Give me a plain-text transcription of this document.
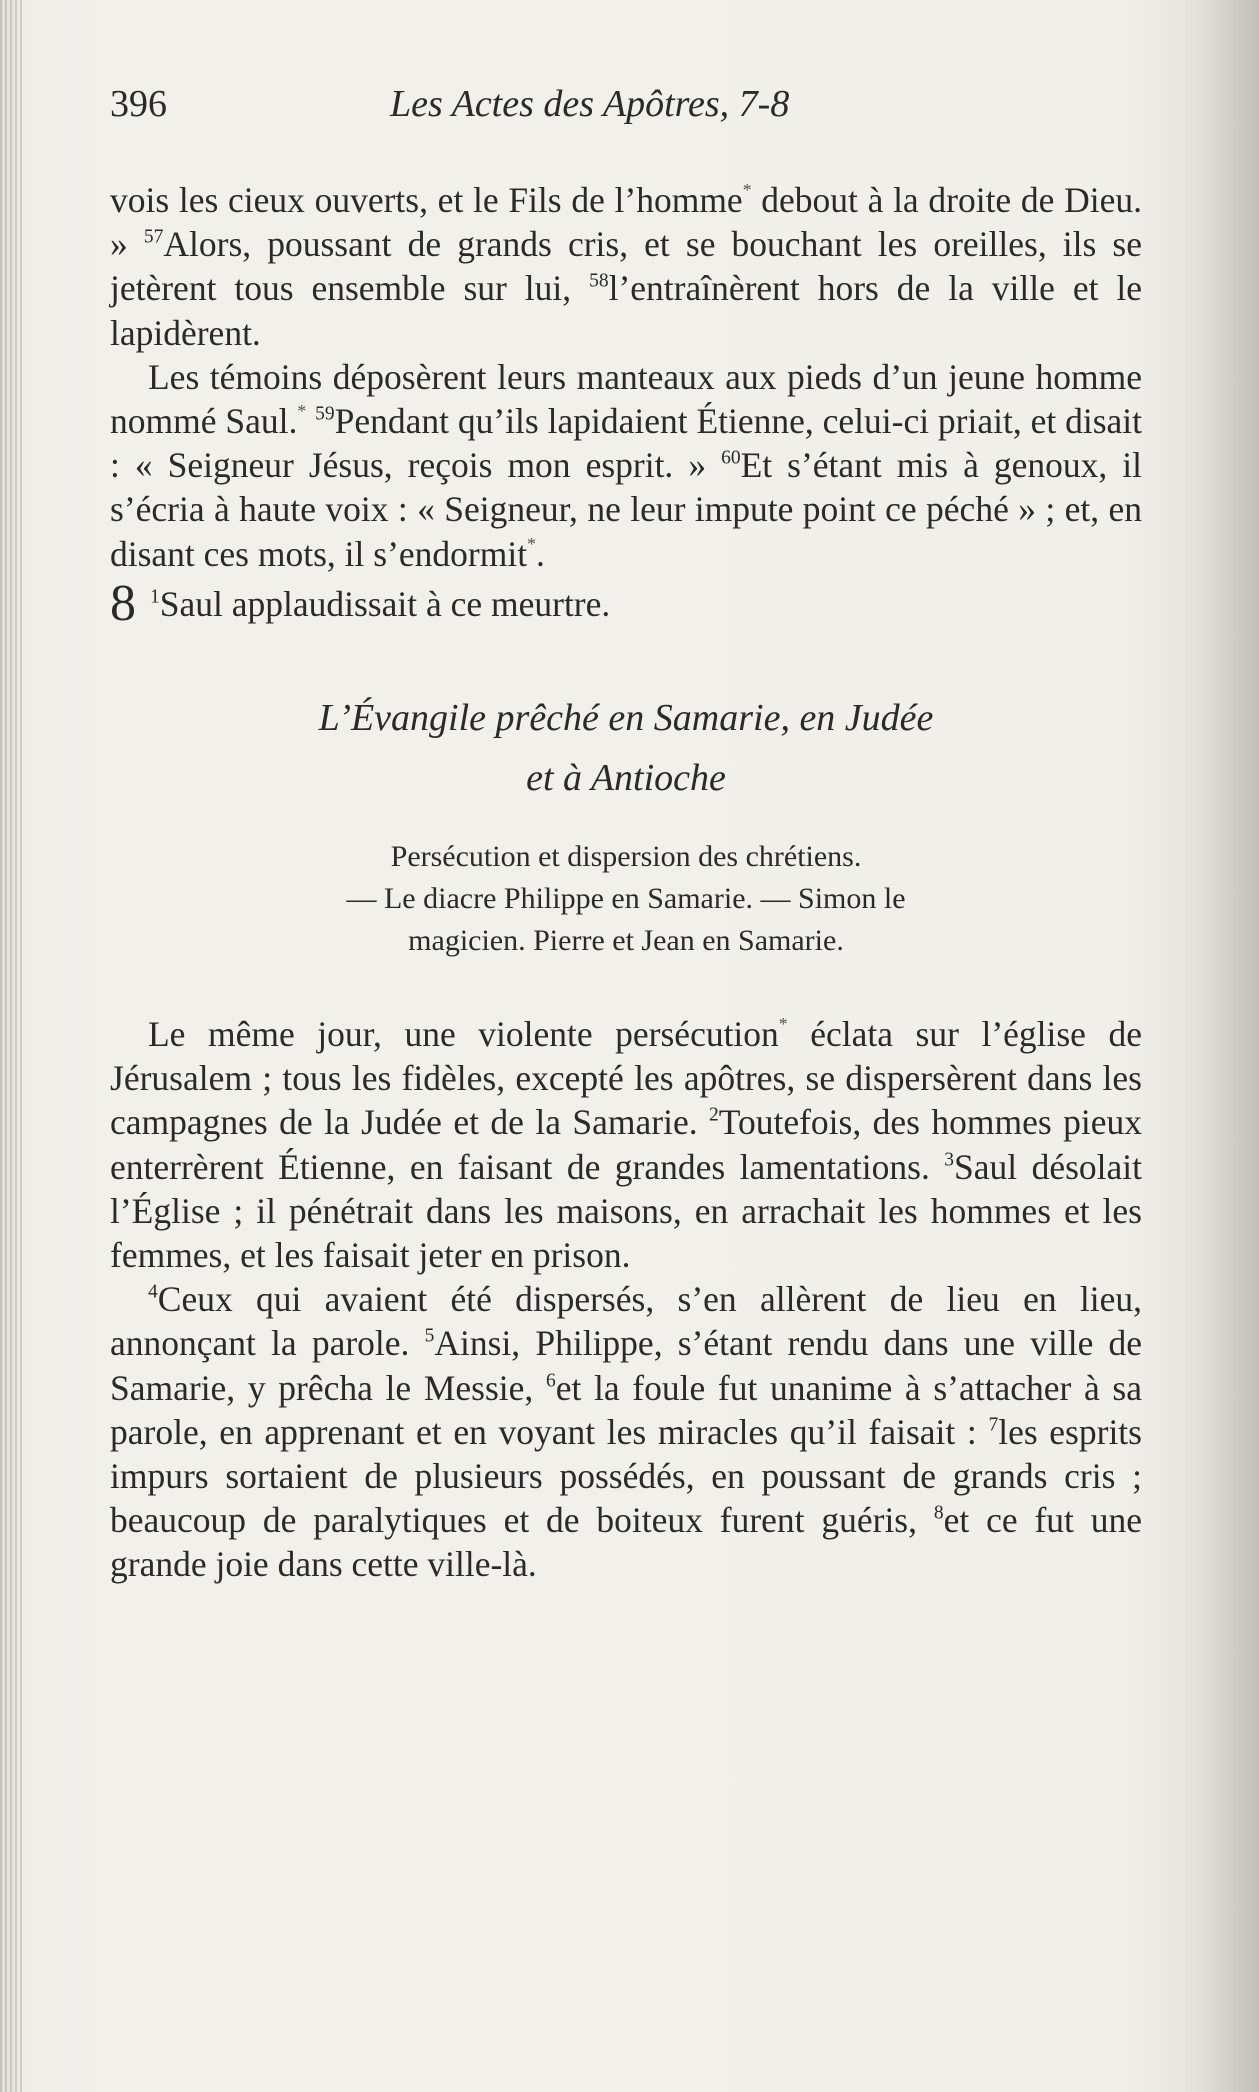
396	Les Actes des Apôtres, 7-8

vois les cieux ouverts, et le Fils de l’homme* debout à la droite de Dieu. » $^{57}$Alors, poussant de grands cris, et se bouchant les oreilles, ils se jetèrent tous ensemble sur lui, $^{58}$l’entraînèrent hors de la ville et le lapidèrent.

Les témoins déposèrent leurs manteaux aux pieds d’un jeune homme nommé Saul.* $^{59}$Pendant qu’ils lapidaient Étienne, celui-ci priait, et disait : « Seigneur Jésus, reçois mon esprit. » $^{60}$Et s’étant mis à genoux, il s’écria à haute voix : « Seigneur, ne leur impute point ce péché » ; et, en disant ces mots, il s’endormit*.

8 $^1$Saul applaudissait à ce meurtre.

L’Évangile prêché en Samarie, en Judée
et à Antioche
Persécution et dispersion des chrétiens.
— Le diacre Philippe en Samarie. — Simon le
magicien. Pierre et Jean en Samarie.

Le même jour, une violente persécution* éclata sur l’église de Jérusalem ; tous les fidèles, excepté les apôtres, se dispersèrent dans les campagnes de la Judée et de la Samarie. $^2$Toutefois, des hommes pieux enterrèrent Étienne, en faisant de grandes lamentations. $^3$Saul désolait l’Église ; il pénétrait dans les maisons, en arrachait les hommes et les femmes, et les faisait jeter en prison.

$^4$Ceux qui avaient été dispersés, s’en allèrent de lieu en lieu, annonçant la parole. $^5$Ainsi, Philippe, s’étant rendu dans une ville de Samarie, y prêcha le Messie, $^6$et la foule fut unanime à s’attacher à sa parole, en apprenant et en voyant les miracles qu’il faisait : $^7$les esprits impurs sortaient de plusieurs possédés, en poussant de grands cris ; beaucoup de paralytiques et de boiteux furent guéris, $^8$et ce fut une grande joie dans cette ville-là.
